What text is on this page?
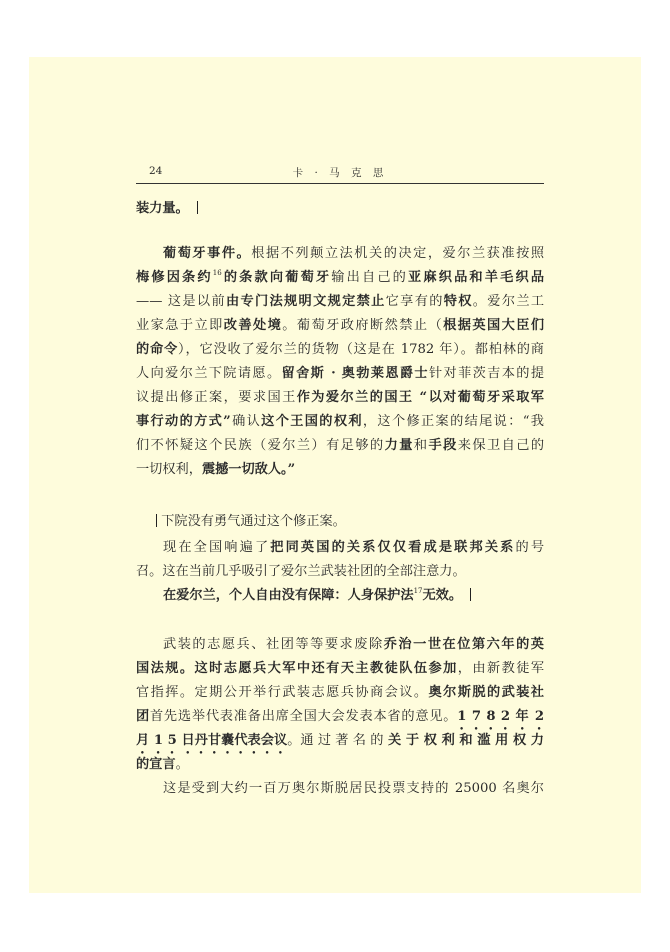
24	卡 · 马 克 思
装力量。
葡萄牙事件。根据不列颠立法机关的决定，爱尔兰获准按照
梅修因条约$^{16}$的条款向葡萄牙输出自己的亚麻织品和羊毛织品
—— 这是以前由专门法规明文规定禁止它享有的特权。爱尔兰工
业家急于立即改善处境。葡萄牙政府断然禁止（根据英国大臣们
的命令），它没收了爱尔兰的货物（这是在 1782 年）。都柏林的商
人向爱尔兰下院请愿。留舍斯 · 奥勃莱恩爵士针对菲茨吉本的提
议提出修正案，要求国王作为爱尔兰的国王 “以对葡萄牙采取军
事行动的方式”确认这个王国的权利，这个修正案的结尾说：“我
们不怀疑这个民族（爱尔兰）有足够的力量和手段来保卫自己的
一切权利，震撼一切敌人。”
下院没有勇气通过这个修正案。
现在全国响遍了把同英国的关系仅仅看成是联邦关系的号
召。这在当前几乎吸引了爱尔兰武装社团的全部注意力。
在爱尔兰，个人自由没有保障：人身保护法$^{17}$无效。
武装的志愿兵、社团等等要求废除乔治一世在位第六年的英
国法规。这时志愿兵大军中还有天主教徒队伍参加，由新教徒军
官指挥。定期公开举行武装志愿兵协商会议。奥尔斯脱的武装社
团首先选举代表准备出席全国大会发表本省的意见。1 7 8 2 年 2
月 1 5 日丹甘嚢代表会议。通 过 著 名 的 关 于 权 利 和 滥 用 权 力
的宣言。
这是受到大约一百万奥尔斯脱居民投票支持的 25000 名奥尔
